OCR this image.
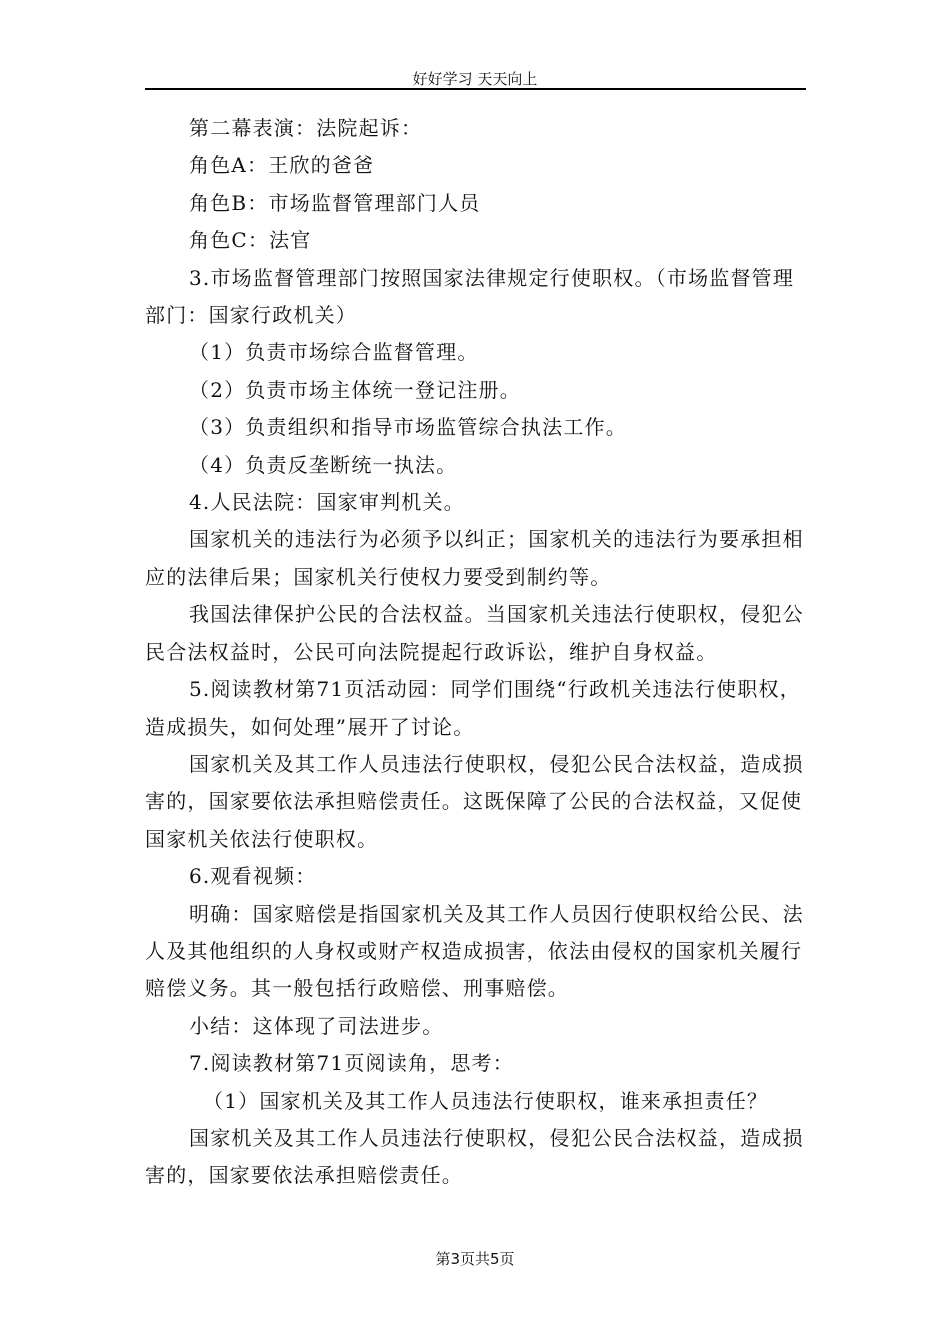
好好学习 天天向上

第二幕表演：法院起诉：

角色A：王欣的爸爸

角色B：市场监督管理部门人员

角色C：法官

3.市场监督管理部门按照国家法律规定行使职权。（市场监督管理部门：国家行政机关）

（1）负责市场综合监督管理。

（2）负责市场主体统一登记注册。

（3）负责组织和指导市场监管综合执法工作。

（4）负责反垄断统一执法。

4.人民法院：国家审判机关。

国家机关的违法行为必须予以纠正；国家机关的违法行为要承担相应的法律后果；国家机关行使权力要受到制约等。

我国法律保护公民的合法权益。当国家机关违法行使职权，侵犯公民合法权益时，公民可向法院提起行政诉讼，维护自身权益。

5.阅读教材第71页活动园：同学们围绕“行政机关违法行使职权，造成损失，如何处理”展开了讨论。

国家机关及其工作人员违法行使职权，侵犯公民合法权益，造成损害的，国家要依法承担赔偿责任。这既保障了公民的合法权益，又促使国家机关依法行使职权。

6.观看视频：

明确：国家赔偿是指国家机关及其工作人员因行使职权给公民、法人及其他组织的人身权或财产权造成损害，依法由侵权的国家机关履行赔偿义务。其一般包括行政赔偿、刑事赔偿。

小结：这体现了司法进步。

7.阅读教材第71页阅读角，思考：

（1）国家机关及其工作人员违法行使职权，谁来承担责任？

国家机关及其工作人员违法行使职权，侵犯公民合法权益，造成损害的，国家要依法承担赔偿责任。

第3页共5页
